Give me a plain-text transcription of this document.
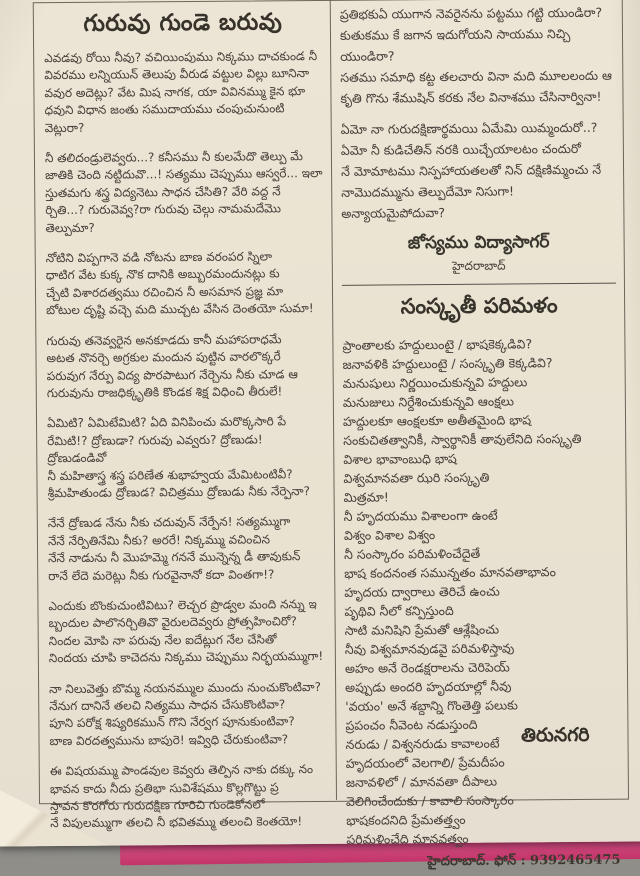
గురువు గుండె బరువు

ఎవడవు రోయి నీవు? వచియింపుము నిక్కము దాచకుండ నీ
వివరము లన్నియున్ తెలుపు వీరుడ వట్టుల విల్లు బూనినా
వవుర అదెట్లు? వేట మిష నాగక, యా వివినమ్ము కైన భూ
ధవుని విధాన జంతు సముదాయము చంపుచునుంటి వెట్లురా?

నీ తలిదండ్రులెవ్వరు...? కనీసము నీ కులమేదొ తెల్పు మే
జాతికి చెంది నట్టిదువొ...! సత్యము చెప్పుము ఆస్వరే... ఇలా
స్తుతమగు శస్త్ర విద్యనెటు సాధన చేసితి? వేరి వద్ద నే
ర్చితి...? గురువెవ్వ?రా గురువు చెల్గు నామమదేమొ తెల్పుమా?

నోటిని విప్పగానె వడి నోటను బాణ వరంపర స్నిలా
ధాటిగ వేట కుక్క నొక దానికి అబ్బురమందునట్లు కు
చ్చేటి విశారదత్వము రచించిన నీ అసమాన ప్రజ్ఞ మా
బోటుల దృష్టి వచ్చె మది ముచ్చట వేసిన దెంతయో సుమా!

గురువు తనెవ్వరైన అనకూడదు కానీ మహాపరాధమే
అటత నొనర్చె అగ్రకుల మందున పుట్టిన వారలొక్కరే
పరువుగ నేర్పు విద్య పొరపాటుగ నేర్చెను నీకు చూడ ఆ
గురువును రాజధిక్కృతికి కొండక శిక్ష విధించి తీరులే!

ఏమిటి? ఏమిటేమిటి? ఏది వినిపించు మరొక్కసారి పే
రేమిటి!? ద్రోణుడా? గురువు ఎవ్వరు? ద్రోణుడు! ద్రోణుడండివో
నీ మహితాస్త్ర శస్త్ర పరిణేత శుభాహ్వయ మేమిటంటివీ?
శ్రీమహితుండు ద్రోణుడ? విచిత్రము ద్రోణుడు నీకు నేర్పెనా?

నేనే ద్రోణుడ నేను నీకు చదువున్ నేర్పేన! సత్యమ్ముగా
నేనే నేర్పితినేమి నీకు? అరరే! నిక్కమ్ము వచించిన
నేనే నాడును నీ మొహమ్మె గననే మున్నెన్న డీ తావుకున్
రానే లేదె మరెట్లు నీకు గురవైనానో కదా వింతగా!?

ఎందుకు బొంకుచుంటివిటు? లెచ్చర ప్రొడ్వల మంది నన్ను ఇ
బ్బందుల పాలొనర్చితివొ వైరులదెవ్వరు ప్రోత్సహించిరో?
నిందల మోపి నా పరువు నేల ఐదేట్లుగ నేల చేసితో
నిందయ చూపి కాచెదను నిక్కము చెప్పుము నిర్భయమ్ముగా!

నా నిలువెత్తు బొమ్మ నయనమ్ముల ముందు నుంచుకొంటివా?
నేనుగ దానినే తలచి నిత్యము సాధన చేసుకొంటివా?
పూని పరోక్ష శిష్యరికమున్ గొని నేర్వగ పూనుకుంటివా?
బాణ విరదత్వమును బాపురె! ఇవ్విధి చేరుకుంటివా?

ఈ విషయమ్ము పాండవుల కెవ్వరు తెల్పిన నాకు దక్కు నం
భావన కాదు నీదు ప్రతిభా సువిశేషము కొల్లగొట్టు ప్ర
స్తావన కొరగోరు గురుదక్షిణ గూరిచి గుండెకోనలో
నే విపులమ్ముగా తలచి నీ భవితమ్ము తలంచి కెంతయో!

ప్రతిభకుఏ యుగాన నెవరైనను పట్టము గట్టి యుండిరా?
కుతుకము కే జగాన ఇదుగోయని సాయము నిచ్చి యుండిరా?
సతము సమాధి కట్ట తలచారు వినా మది మూలలందు ఆ
కృతి గొను శేముషిన్ కరకు నేల వినాశము చేసినార్వినా!

ఏమో నా గురుదక్షిణార్థమయి ఏమేమి యిమ్మందురో..?
ఏమో నీ కుడిచేతిన్ నరకి యిచ్చేయాలటం చందురో
నే మోమాటము నిస్పహాయతలతో నిన్ దక్షిణిమ్మంచు నే
నామొదమ్మును తెల్పుదేమో నిసుగా! అన్యాయమైపోదువా?

జోస్యము విద్యాసాగర్
హైదరాబాద్
సంస్కృతీ పరిమళం
ప్రాంతాలకు హద్దులుంటై / భాషకెక్కడివి?
జనావళికి హద్దులుంటై / సంస్కృతి కెక్కడివి?
మనుషులు నిర్ణయించుకున్నవి హద్దులు
మనుజులు నిర్దేశించుకున్నవి ఆంక్షలు
హద్దులకూ ఆంక్షలకూ అతీతమైంది భాష
సంకుచితత్వానికీ, స్వార్థానికీ తావులేనిది సంస్కృతి
విశాల భావాంబుధి భాష
విశ్వమానవతా ఝరి సంస్కృతి
మిత్రమా!
నీ హృదయము విశాలంగా ఉంటే
విశ్వం విశాల విశ్వం
నీ సంస్కారం పరిమళించేదైతే
భాష కందనంత సమున్నతం మానవతాభావం
హృదయ ద్వారాలు తెరిచే ఉంచు
పృథివి నీలో కన్పిస్తుంది
సాటి మనిషిని ప్రేమతో ఆశ్లేషించు
నీవు విశ్వమానవుడవై పరిమళిస్తావు
అహం అనే రెండక్షరాలను చెరిపెయ్
అప్పుడు అందరి హృదయాల్లో నీవు
'వయం' అనే శబ్దాన్ని గొంతెత్తి పలుకు
ప్రపంచం నీవెంట నడుస్తుంది
నరుడు / విశ్వనరుడు కావాలంటే
హృదయంలో వెలగాలి/ ప్రేమదీపం
జనావళిలో / మానవతా దీపాలు
వెలిగించేందుకు / కావాలి సంస్కారం
భాషకందనిది ప్రేమతత్త్వం
పరిమళించేది మానవత్వం
తిరునగరి
హైదరాబాద్. ఫోన్ : 9392465475
